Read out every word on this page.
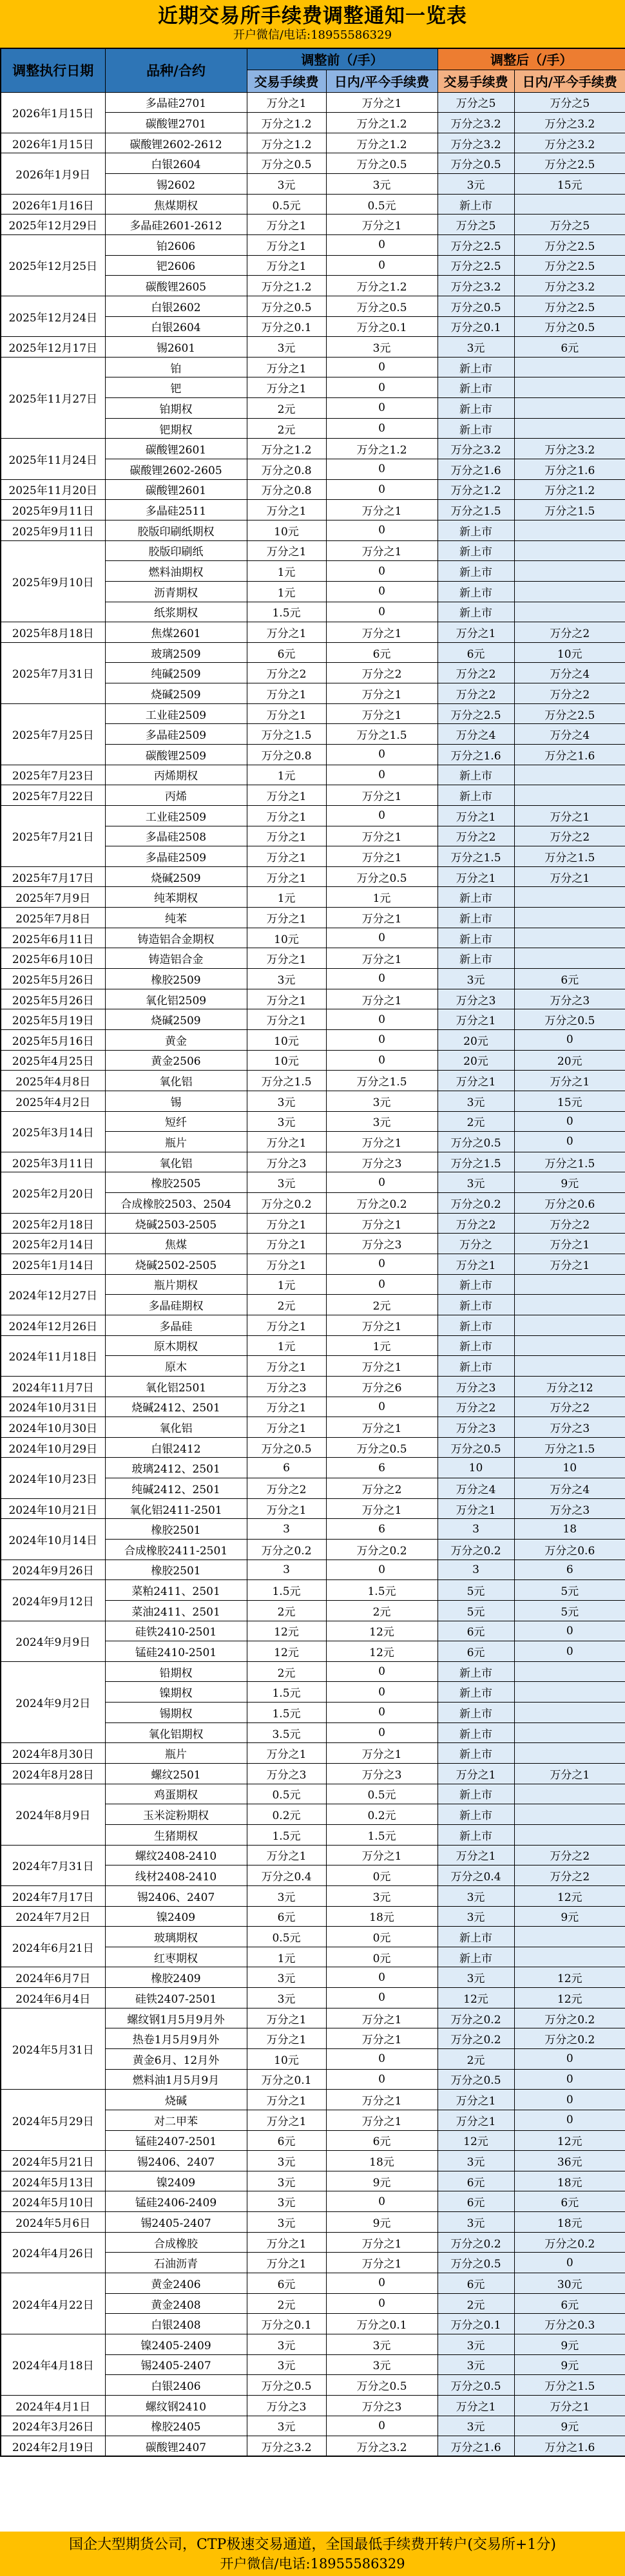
近期交易所手续费调整通知一览表
开户微信/电话:18955586329
调整执行日期	品种/合约	调整前（/手）		调整后（/手）	
		交易手续费	日内/平今手续费	交易手续费	日内/平今手续费
2026年1月15日	多晶硅2701	万分之1	万分之1	万分之5	万分之5
	碳酸锂2701	万分之1.2	万分之1.2	万分之3.2	万分之3.2
2026年1月15日	碳酸锂2602-2612	万分之1.2	万分之1.2	万分之3.2	万分之3.2
2026年1月9日	白银2604	万分之0.5	万分之0.5	万分之0.5	万分之2.5
	锡2602	3元	3元	3元	15元
2026年1月16日	焦煤期权	0.5元	0.5元	新上市	
2025年12月29日	多晶硅2601-2612	万分之1	万分之1	万分之5	万分之5
2025年12月25日	铂2606	万分之1	0	万分之2.5	万分之2.5
	钯2606	万分之1	0	万分之2.5	万分之2.5
	碳酸锂2605	万分之1.2	万分之1.2	万分之3.2	万分之3.2
2025年12月24日	白银2602	万分之0.5	万分之0.5	万分之0.5	万分之2.5
	白银2604	万分之0.1	万分之0.1	万分之0.1	万分之0.5
2025年12月17日	锡2601	3元	3元	3元	6元
2025年11月27日	铂	万分之1	0	新上市	
	钯	万分之1	0	新上市	
	铂期权	2元	0	新上市	
	钯期权	2元	0	新上市	
2025年11月24日	碳酸锂2601	万分之1.2	万分之1.2	万分之3.2	万分之3.2
	碳酸锂2602-2605	万分之0.8	0	万分之1.6	万分之1.6
2025年11月20日	碳酸锂2601	万分之0.8	0	万分之1.2	万分之1.2
2025年9月11日	多晶硅2511	万分之1	万分之1	万分之1.5	万分之1.5
2025年9月11日	胶版印刷纸期权	10元	0	新上市	
2025年9月10日	胶版印刷纸	万分之1	万分之1	新上市	
	燃料油期权	1元	0	新上市	
	沥青期权	1元	0	新上市	
	纸浆期权	1.5元	0	新上市	
2025年8月18日	焦煤2601	万分之1	万分之1	万分之1	万分之2
2025年7月31日	玻璃2509	6元	6元	6元	10元
	纯碱2509	万分之2	万分之2	万分之2	万分之4
	烧碱2509	万分之1	万分之1	万分之2	万分之2
2025年7月25日	工业硅2509	万分之1	万分之1	万分之2.5	万分之2.5
	多晶硅2509	万分之1.5	万分之1.5	万分之4	万分之4
	碳酸锂2509	万分之0.8	0	万分之1.6	万分之1.6
2025年7月23日	丙烯期权	1元	0	新上市	
2025年7月22日	丙烯	万分之1	万分之1	新上市	
2025年7月21日	工业硅2509	万分之1	0	万分之1	万分之1
	多晶硅2508	万分之1	万分之1	万分之2	万分之2
	多晶硅2509	万分之1	万分之1	万分之1.5	万分之1.5
2025年7月17日	烧碱2509	万分之1	万分之0.5	万分之1	万分之1
2025年7月9日	纯苯期权	1元	1元	新上市	
2025年7月8日	纯苯	万分之1	万分之1	新上市	
2025年6月11日	铸造铝合金期权	10元	0	新上市	
2025年6月10日	铸造铝合金	万分之1	万分之1	新上市	
2025年5月26日	橡胶2509	3元	0	3元	6元
2025年5月26日	氧化铝2509	万分之1	万分之1	万分之3	万分之3
2025年5月19日	烧碱2509	万分之1	0	万分之1	万分之0.5
2025年5月16日	黄金	10元	0	20元	0
2025年4月25日	黄金2506	10元	0	20元	20元
2025年4月8日	氧化铝	万分之1.5	万分之1.5	万分之1	万分之1
2025年4月2日	锡	3元	3元	3元	15元
2025年3月14日	短纤	3元	3元	2元	0
	瓶片	万分之1	万分之1	万分之0.5	0
2025年3月11日	氧化铝	万分之3	万分之3	万分之1.5	万分之1.5
2025年2月20日	橡胶2505	3元	0	3元	9元
	合成橡胶2503、2504	万分之0.2	万分之0.2	万分之0.2	万分之0.6
2025年2月18日	烧碱2503-2505	万分之1	万分之1	万分之2	万分之2
2025年2月14日	焦煤	万分之1	万分之3	万分之	万分之1
2025年1月14日	烧碱2502-2505	万分之1	0	万分之1	万分之1
2024年12月27日	瓶片期权	1元	0	新上市	
	多晶硅期权	2元	2元	新上市	
2024年12月26日	多晶硅	万分之1	万分之1	新上市	
2024年11月18日	原木期权	1元	1元	新上市	
	原木	万分之1	万分之1	新上市	
2024年11月7日	氧化铝2501	万分之3	万分之6	万分之3	万分之12
2024年10月31日	烧碱2412、2501	万分之1	0	万分之2	万分之2
2024年10月30日	氧化铝	万分之1	万分之1	万分之3	万分之3
2024年10月29日	白银2412	万分之0.5	万分之0.5	万分之0.5	万分之1.5
2024年10月23日	玻璃2412、2501	6	6	10	10
	纯碱2412、2501	万分之2	万分之2	万分之4	万分之4
2024年10月21日	氧化铝2411-2501	万分之1	万分之1	万分之1	万分之3
2024年10月14日	橡胶2501	3	6	3	18
	合成橡胶2411-2501	万分之0.2	万分之0.2	万分之0.2	万分之0.6
2024年9月26日	橡胶2501	3	0	3	6
2024年9月12日	菜粕2411、2501	1.5元	1.5元	5元	5元
	菜油2411、2501	2元	2元	5元	5元
2024年9月9日	硅铁2410-2501	12元	12元	6元	0
	锰硅2410-2501	12元	12元	6元	0
2024年9月2日	铅期权	2元	0	新上市	
	镍期权	1.5元	0	新上市	
	锡期权	1.5元	0	新上市	
	氧化铝期权	3.5元	0	新上市	
2024年8月30日	瓶片	万分之1	万分之1	新上市	
2024年8月28日	螺纹2501	万分之3	万分之3	万分之1	万分之1
2024年8月9日	鸡蛋期权	0.5元	0.5元	新上市	
	玉米淀粉期权	0.2元	0.2元	新上市	
	生猪期权	1.5元	1.5元	新上市	
2024年7月31日	螺纹2408-2410	万分之1	万分之1	万分之1	万分之2
	线材2408-2410	万分之0.4	0元	万分之0.4	万分之2
2024年7月17日	锡2406、2407	3元	3元	3元	12元
2024年7月2日	镍2409	6元	18元	3元	9元
2024年6月21日	玻璃期权	0.5元	0元	新上市	
	红枣期权	1元	0元	新上市	
2024年6月7日	橡胶2409	3元	0	3元	12元
2024年6月4日	硅铁2407-2501	3元	0	12元	12元
2024年5月31日	螺纹钢1月5月9月外	万分之1	万分之1	万分之0.2	万分之0.2
	热卷1月5月9月外	万分之1	万分之1	万分之0.2	万分之0.2
	黄金6月、12月外	10元	0	2元	0
	燃料油1月5月9月	万分之0.1	0	万分之0.5	0
2024年5月29日	烧碱	万分之1	万分之1	万分之1	0
	对二甲苯	万分之1	万分之1	万分之1	0
	锰硅2407-2501	6元	6元	12元	12元
2024年5月21日	锡2406、2407	3元	18元	3元	36元
2024年5月13日	镍2409	3元	9元	6元	18元
2024年5月10日	锰硅2406-2409	3元	0	6元	6元
2024年5月6日	锡2405-2407	3元	9元	3元	18元
2024年4月26日	合成橡胶	万分之1	万分之1	万分之0.2	万分之0.2
	石油沥青	万分之1	万分之1	万分之0.5	0
2024年4月22日	黄金2406	6元	0	6元	30元
	黄金2408	2元	0	2元	6元
	白银2408	万分之0.1	万分之0.1	万分之0.1	万分之0.3
2024年4月18日	镍2405-2409	3元	3元	3元	9元
	锡2405-2407	3元	3元	3元	9元
	白银2406	万分之0.5	万分之0.5	万分之0.5	万分之1.5
2024年4月1日	螺纹钢2410	万分之3	万分之3	万分之1	万分之1
2024年3月26日	橡胶2405	3元	0	3元	9元
2024年2月19日	碳酸锂2407	万分之3.2	万分之3.2	万分之1.6	万分之1.6
国企大型期货公司，CTP极速交易通道，全国最低手续费开转户(交易所+1分)
开户微信/电话:18955586329
